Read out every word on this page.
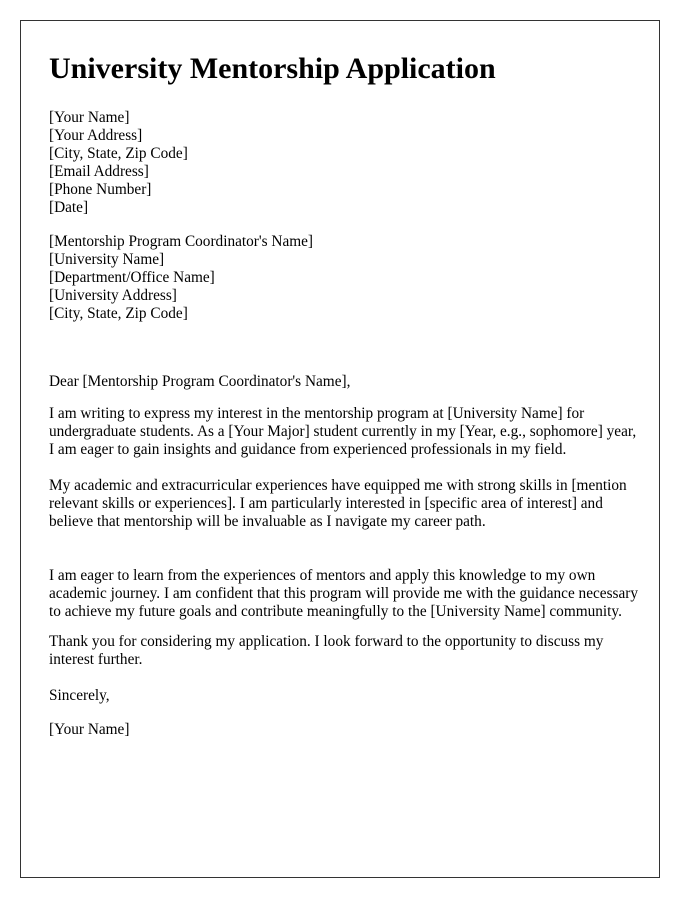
University Mentorship Application
[Your Name]
[Your Address]
[City, State, Zip Code]
[Email Address]
[Phone Number]
[Date]
[Mentorship Program Coordinator's Name]
[University Name]
[Department/Office Name]
[University Address]
[City, State, Zip Code]
Dear [Mentorship Program Coordinator's Name],

I am writing to express my interest in the mentorship program at [University Name] for undergraduate students. As a [Your Major] student currently in my [Year, e.g., sophomore] year, I am eager to gain insights and guidance from experienced professionals in my field.

My academic and extracurricular experiences have equipped me with strong skills in [mention relevant skills or experiences]. I am particularly interested in [specific area of interest] and believe that mentorship will be invaluable as I navigate my career path.

I am eager to learn from the experiences of mentors and apply this knowledge to my own academic journey. I am confident that this program will provide me with the guidance necessary to achieve my future goals and contribute meaningfully to the [University Name] community.

Thank you for considering my application. I look forward to the opportunity to discuss my interest further.

Sincerely,
[Your Name]
